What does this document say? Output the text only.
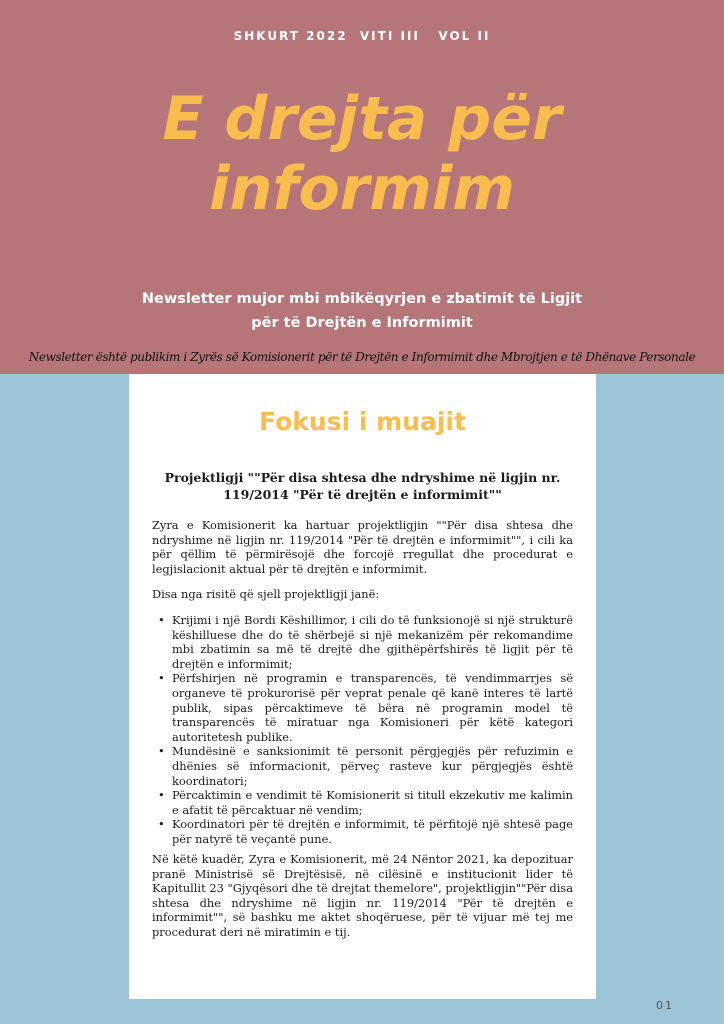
SHKURT 2022  VITI III   VOL II
E drejta për
informim
Newsletter mujor mbi mbikëqyrjen e zbatimit të Ligjit
për të Drejtën e Informimit
Newsletter është publikim i Zyrës së Komisionerit për të Drejtën e Informimit dhe Mbrojtjen e të Dhënave Personale
Fokusi i muajit
Projektligji ""Për disa shtesa dhe ndryshime në ligjin nr.
119/2014 "Për të drejtën e informimit""

Zyra e Komisionerit ka hartuar projektligjin ""Për disa shtesa dhe ndryshime në ligjin nr. 119/2014 "Për të drejtën e informimit"", i cili ka për qëllim të përmirësojë dhe forcojë rregullat dhe procedurat e legjislacionit aktual për të drejtën e informimit.

Disa nga risitë që sjell projektligji janë:

• Krijimi i një Bordi Këshillimor, i cili do të funksionojë si një strukturë këshilluese dhe do të shërbejë si një mekanizëm për rekomandime mbi zbatimin sa më të drejtë dhe gjithëpërfshirës të ligjit për të drejtën e informimit;
• Përfshirjen në programin e transparencës, të vendimmarrjes së organeve të prokurorisë për veprat penale që kanë interes të lartë publik, sipas përcaktimeve të bëra në programin model të transparencës të miratuar nga Komisioneri për këtë kategori autoritetesh publike.
• Mundësinë e sanksionimit të personit përgjegjës për refuzimin e dhënies së informacionit, përveç rasteve kur përgjegjës është koordinatori;
• Përcaktimin e vendimit të Komisionerit si titull ekzekutiv me kalimin e afatit të përcaktuar në vendim;
• Koordinatori për të drejtën e informimit, të përfitojë një shtesë page për natyrë të veçantë pune.

Në këtë kuadër, Zyra e Komisionerit, më 24 Nëntor 2021, ka depozituar pranë Ministrisë së Drejtësisë, në cilësinë e institucionit lider të Kapitullit 23 "Gjyqësori dhe të drejtat themelore", projektligjin""Për disa shtesa dhe ndryshime në ligjin nr. 119/2014 "Për të drejtën e informimit"", së bashku me aktet shoqëruese, për të vijuar më tej me procedurat deri në miratimin e tij.

01
